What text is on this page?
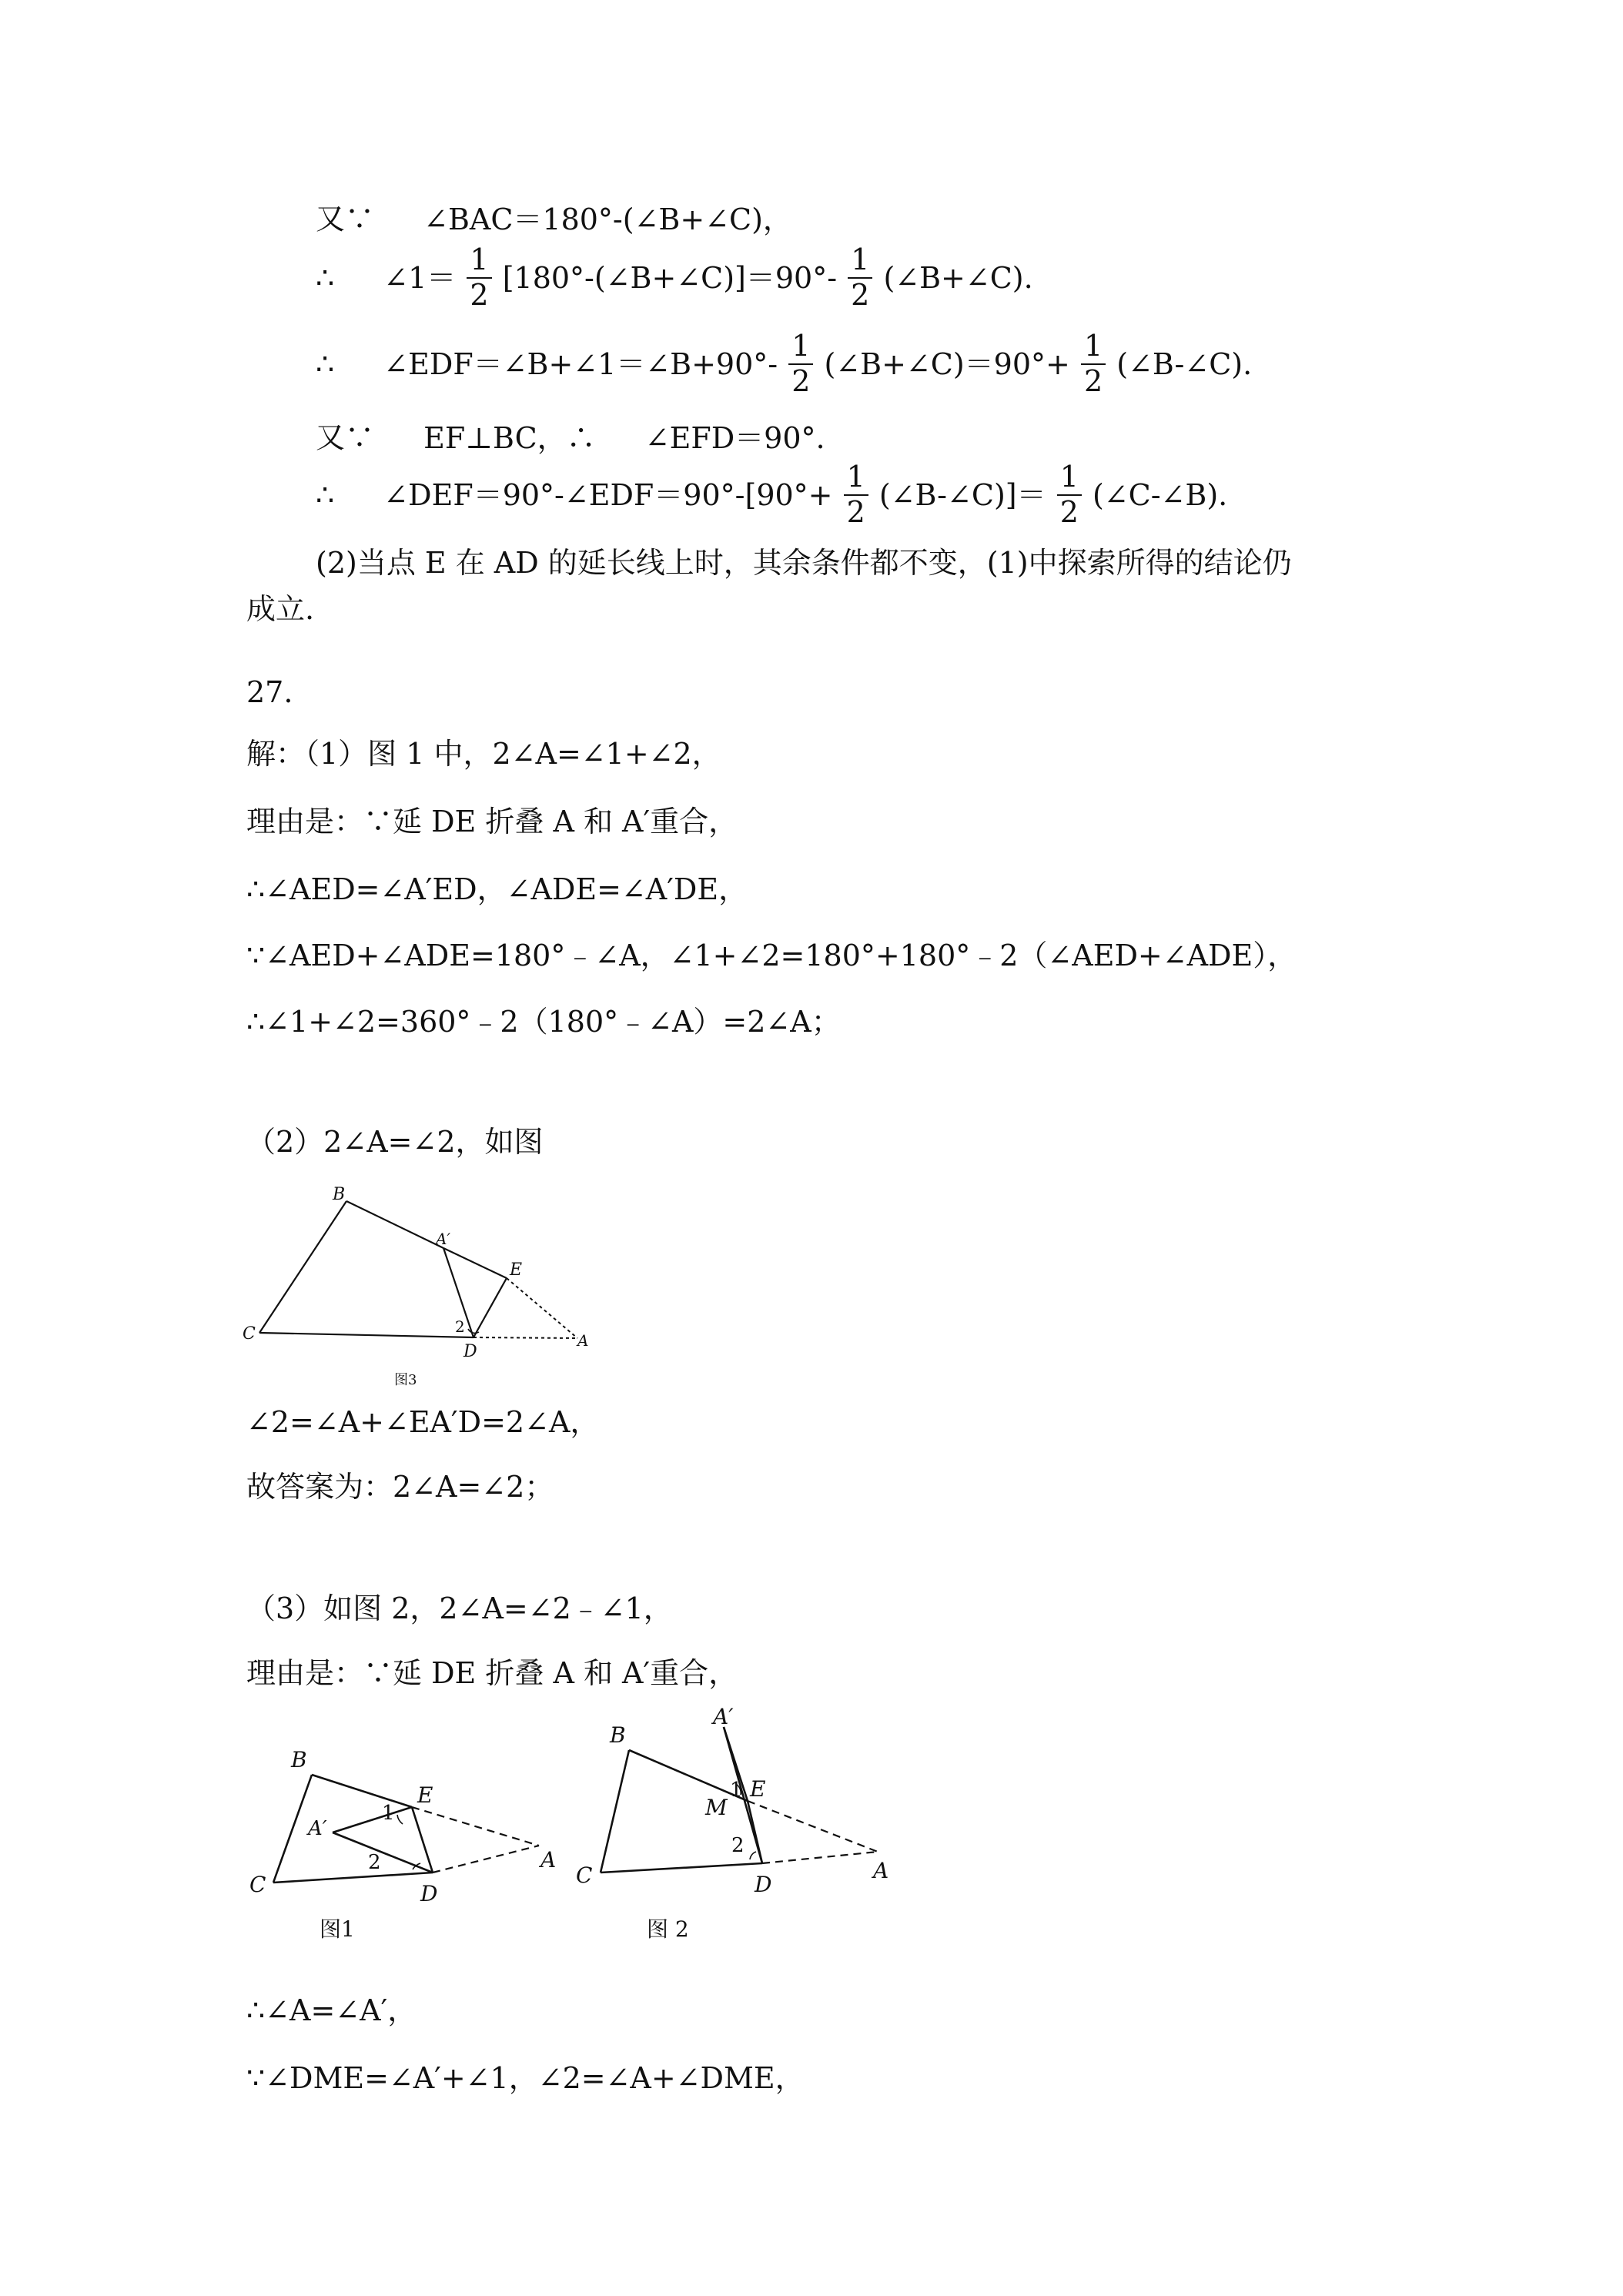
又∵ ∠BAC＝180°-(∠B+∠C)，
∴ ∠1＝ $\frac{1}{2}$ [180°-(∠B+∠C)]＝90°- $\frac{1}{2}$ (∠B+∠C).
∴ ∠EDF＝∠B+∠1＝∠B+90°- $\frac{1}{2}$ (∠B+∠C)＝90°+ $\frac{1}{2}$ (∠B-∠C).
又∵ EF⊥BC，∴ ∠EFD＝90°.
∴ ∠DEF＝90°-∠EDF＝90°-[90°+ $\frac{1}{2}$ (∠B-∠C)]＝ $\frac{1}{2}$ (∠C-∠B).
(2)当点 E 在 AD 的延长线上时，其余条件都不变，(1)中探索所得的结论仍
成立.
27.
解：（1）图 1 中，2∠A=∠1+∠2，
理由是：∵延 DE 折叠 A 和 A′重合，
∴∠AED=∠A′ED，∠ADE=∠A′DE，
∵∠AED+∠ADE=180°﹣∠A，∠1+∠2=180°+180°﹣2（∠AED+∠ADE），
∴∠1+∠2=360°﹣2（180°﹣∠A）=2∠A；
（2）2∠A=∠2，如图
B
A′
E
C	2
D
A
图3
∠2=∠A+∠EA′D=2∠A，
故答案为：2∠A=∠2；
（3）如图 2，2∠A=∠2﹣∠1，
理由是：∵延 DE 折叠 A 和 A′重合，
B
E
1
A′
2	A
C	D
图1
A′
B
1 E
M
2
A
C	D
图 2
∴∠A=∠A′，
∵∠DME=∠A′+∠1，∠2=∠A+∠DME，
